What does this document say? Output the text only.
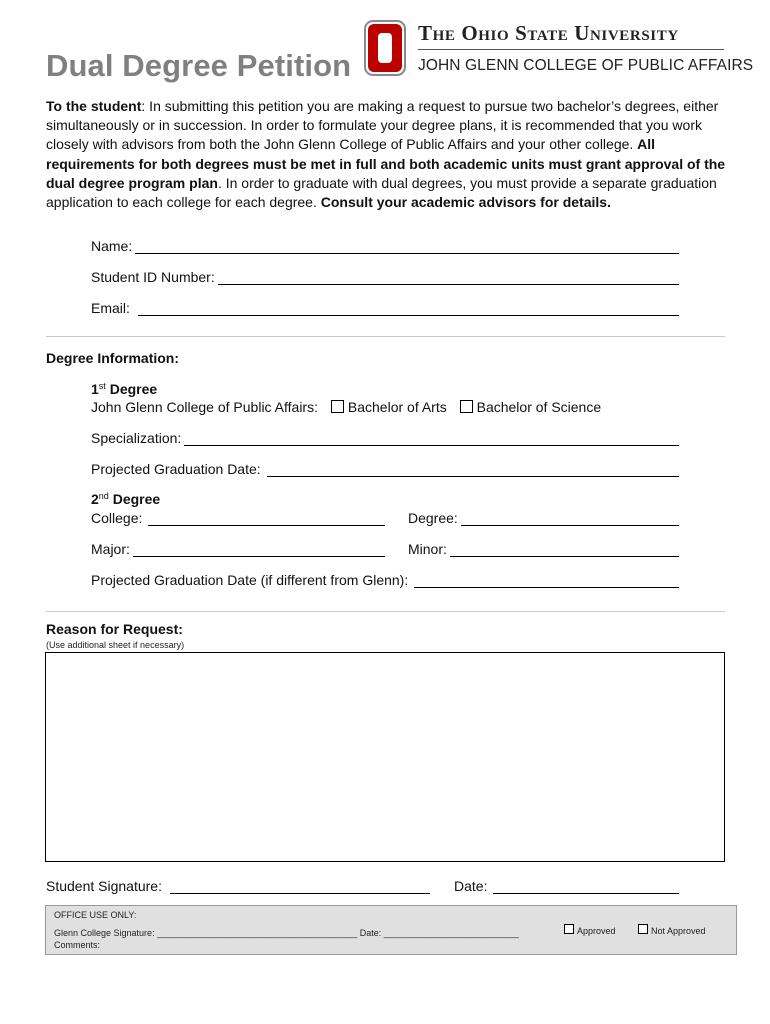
Dual Degree Petition
The Ohio State University
JOHN GLENN COLLEGE OF PUBLIC AFFAIRS
To the student: In submitting this petition you are making a request to pursue two bachelor’s degrees, either simultaneously or in succession. In order to formulate your degree plans, it is recommended that you work closely with advisors from both the John Glenn College of Public Affairs and your other college. All requirements for both degrees must be met in full and both academic units must grant approval of the dual degree program plan. In order to graduate with dual degrees, you must provide a separate graduation application to each college for each degree. Consult your academic advisors for details.
Name:
Student ID Number:
Email:
Degree Information:
1st Degree
John Glenn College of Public Affairs: Bachelor of Arts Bachelor of Science
Specialization:
Projected Graduation Date:
2nd Degree
College:	Degree:
Major:	Minor:
Projected Graduation Date (if different from Glenn):
Reason for Request:
(Use additional sheet if necessary)
Student Signature:	Date:
OFFICE USE ONLY:
Glenn College Signature: ________________________________________ Date: ___________________________	Approved	Not Approved
Comments:
